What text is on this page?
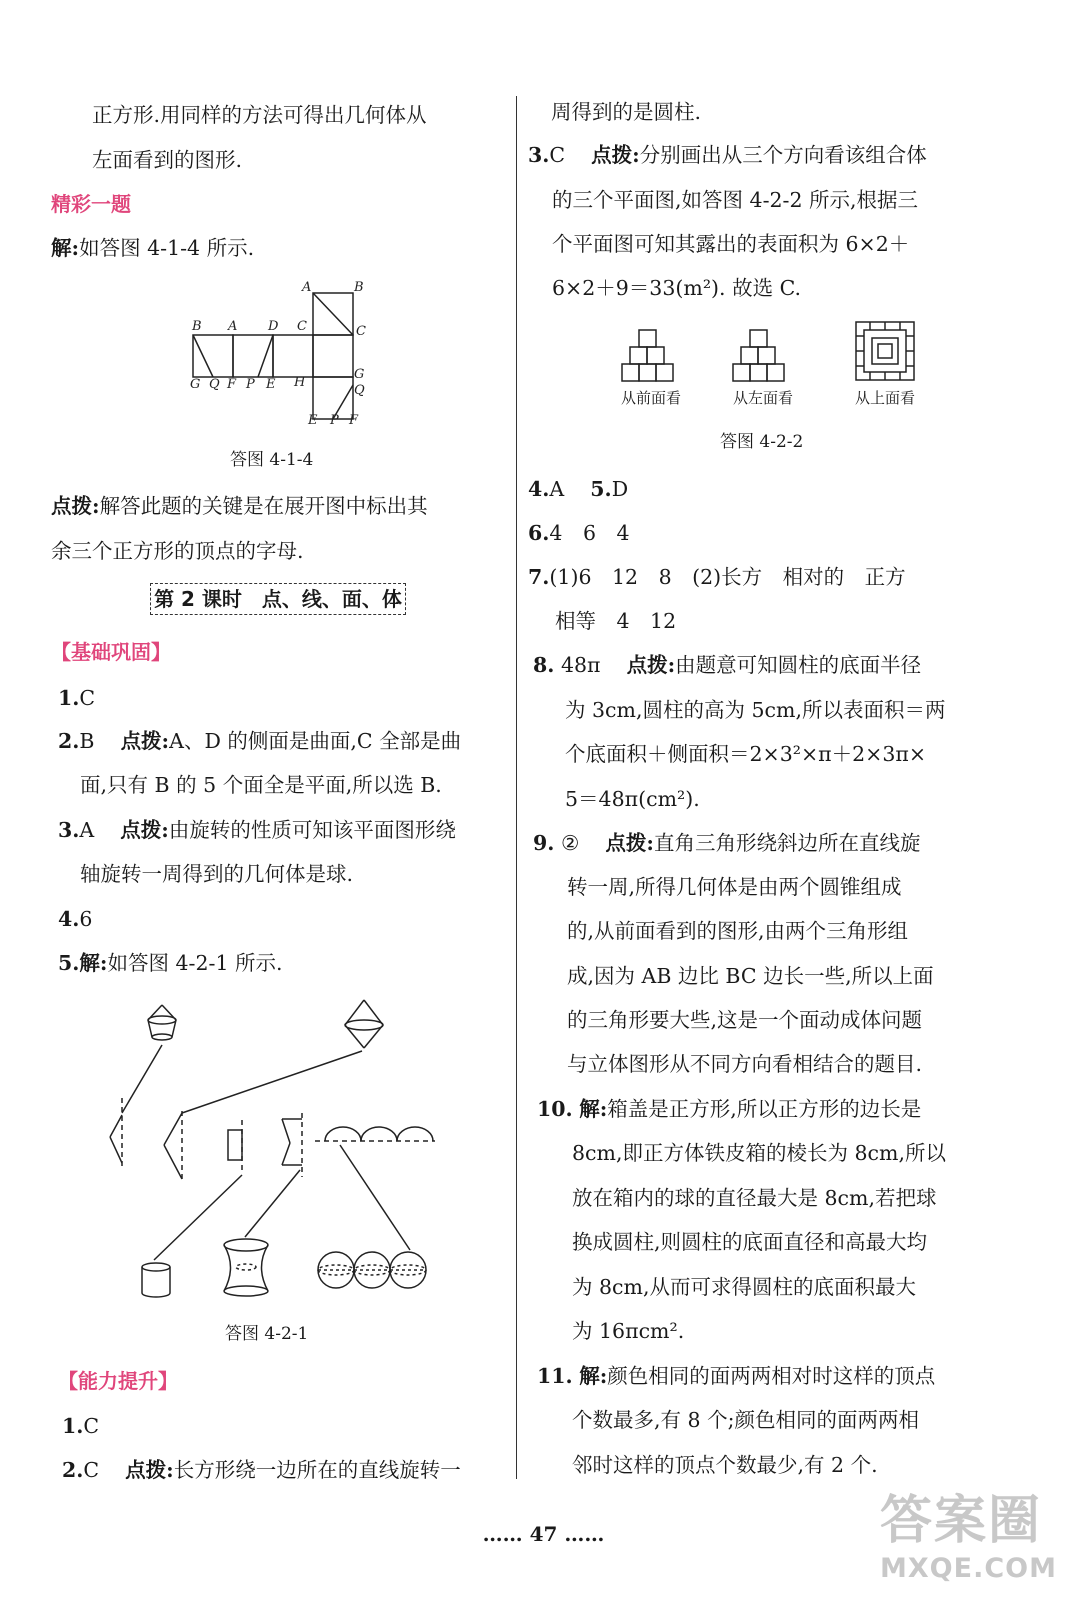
正方形.用同样的方法可得出几何体从
左面看到的图形.
精彩一题
解:如答图 4-1-4 所示.
A	B
C
B A D C
G Q F P E H
G
Q
E P F
答图 4-1-4
点拨:解答此题的关键是在展开图中标出其
余三个正方形的顶点的字母.
第 2 课时　点、线、面、体
【基础巩固】
1.C
2.B 点拨:A、D 的侧面是曲面,C 全部是曲
面,只有 B 的 5 个面全是平面,所以选 B.
3.A 点拨:由旋转的性质可知该平面图形绕
轴旋转一周得到的几何体是球.
4.6
5.解:如答图 4-2-1 所示.
答图 4-2-1
【能力提升】
1.C
2.C 点拨:长方形绕一边所在的直线旋转一
周得到的是圆柱.
3.C 点拨:分别画出从三个方向看该组合体
的三个平面图,如答图 4-2-2 所示,根据三
个平面图可知其露出的表面积为 6×2＋
6×2＋9＝33(m²). 故选 C.
从前面看	从左面看	从上面看
答图 4-2-2
4.A 5.D
6.4　6　4
7.(1)6　12　8　(2)长方　相对的　正方
相等　4　12
8. 48π 点拨:由题意可知圆柱的底面半径
为 3cm,圆柱的高为 5cm,所以表面积＝两
个底面积＋侧面积＝2×3²×π＋2×3π×
5＝48π(cm²).
9. ② 点拨:直角三角形绕斜边所在直线旋
转一周,所得几何体是由两个圆锥组成
的,从前面看到的图形,由两个三角形组
成,因为 AB 边比 BC 边长一些,所以上面
的三角形要大些,这是一个面动成体问题
与立体图形从不同方向看相结合的题目.
10. 解:箱盖是正方形,所以正方形的边长是
8cm,即正方体铁皮箱的棱长为 8cm,所以
放在箱内的球的直径最大是 8cm,若把球
换成圆柱,则圆柱的底面直径和高最大均
为 8cm,从而可求得圆柱的底面积最大
为 16πcm².
11. 解:颜色相同的面两两相对时这样的顶点
个数最多,有 8 个;颜色相同的面两两相
邻时这样的顶点个数最少,有 2 个.
…… 47 ……	答案圈
MXQE.COM
